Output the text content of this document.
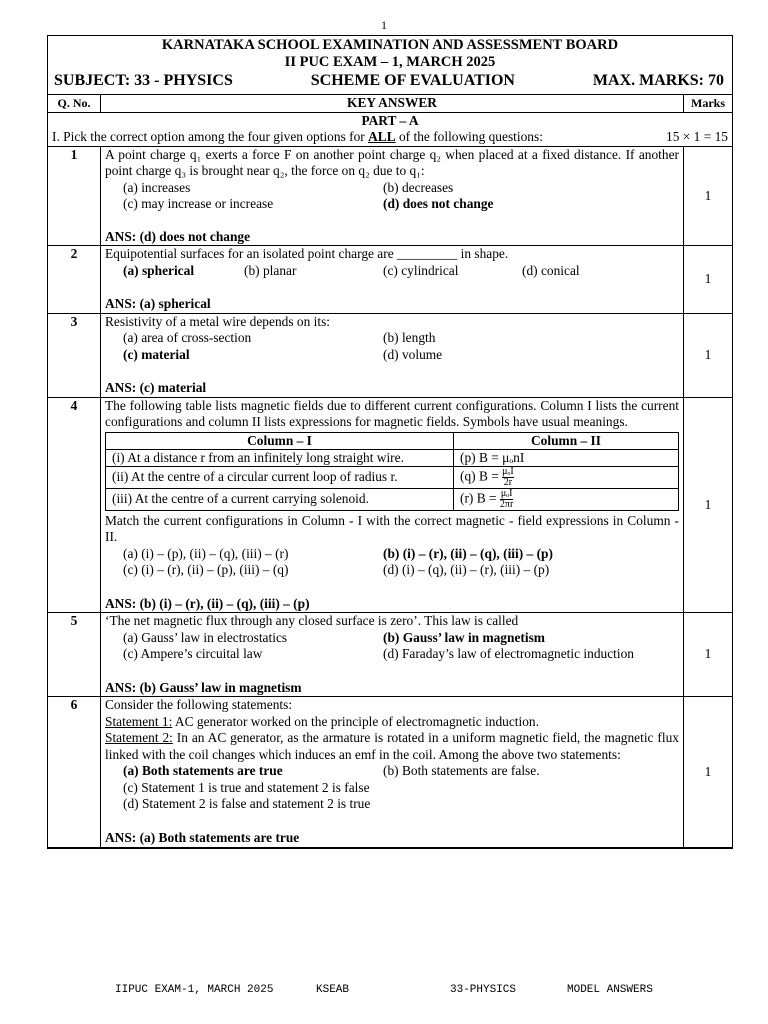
1
KARNATAKA SCHOOL EXAMINATION AND ASSESSMENT BOARD
II PUC EXAM – 1, MARCH 2025
SUBJECT: 33 - PHYSICS	SCHEME OF EVALUATION	MAX. MARKS: 70
Q. No.	KEY ANSWER	Marks

PART – A
I. Pick the correct option among the four given options for ALL of the following questions:	15 × 1 = 15

1	A point charge q₁ exerts a force F on another point charge q₂ when placed at a fixed distance. If another point charge q₃ is brought near q₂, the force on q₂ due to q₁:
(a) increases	(b) decreases
(c) may increase or increase	(d) does not change
ANS: (d) does not change
	1
2	Equipotential surfaces for an isolated point charge are _________ in shape.
(a) spherical	(b) planar	(c) cylindrical	(d) conical
ANS: (a) spherical
	1
3	Resistivity of a metal wire depends on its:
(a) area of cross-section	(b) length
(c) material	(d) volume
ANS: (c) material
	1
4	The following table lists magnetic fields due to different current configurations. Column I lists the current configurations and column II lists expressions for magnetic fields. Symbols have usual meanings.
Column – I	Column – II
(i) At a distance r from an infinitely long straight wire.	(p) B = μₒnI
(ii) At the centre of a circular current loop of radius r.	(q) $B = \frac{\text{μₒI}}{2r}$

(iii) At the centre of a current carrying solenoid.	(r) $B = \frac{\text{μₒI}}{2\pi r}$
Match the current configurations in Column - I with the correct magnetic - field expressions in Column - II.
(a) (i) – (p), (ii) – (q), (iii) – (r)	(b) (i) – (r), (ii) – (q), (iii) – (p)
(c) (i) – (r), (ii) – (p), (iii) – (q)	(d) (i) – (q), (ii) – (r), (iii) – (p)
ANS: (b) (i) – (r), (ii) – (q), (iii) – (p)
	1
5	‘The net magnetic flux through any closed surface is zero’. This law is called
(a) Gauss’ law in electrostatics	(b) Gauss’ law in magnetism
(c) Ampere’s circuital law	(d) Faraday’s law of electromagnetic induction
ANS: (b) Gauss’ law in magnetism
	1
6	Consider the following statements:
Statement 1: AC generator worked on the principle of electromagnetic induction.
Statement 2: In an AC generator, as the armature is rotated in a uniform magnetic field, the magnetic flux linked with the coil changes which induces an emf in the coil. Among the above two statements:
(a) Both statements are true	(b) Both statements are false.
(c) Statement 1 is true and statement 2 is false
(d) Statement 2 is false and statement 2 is true
ANS: (a) Both statements are true
	1
IIPUC EXAM-1, MARCH 2025	KSEAB	33-PHYSICS	MODEL ANSWERS
